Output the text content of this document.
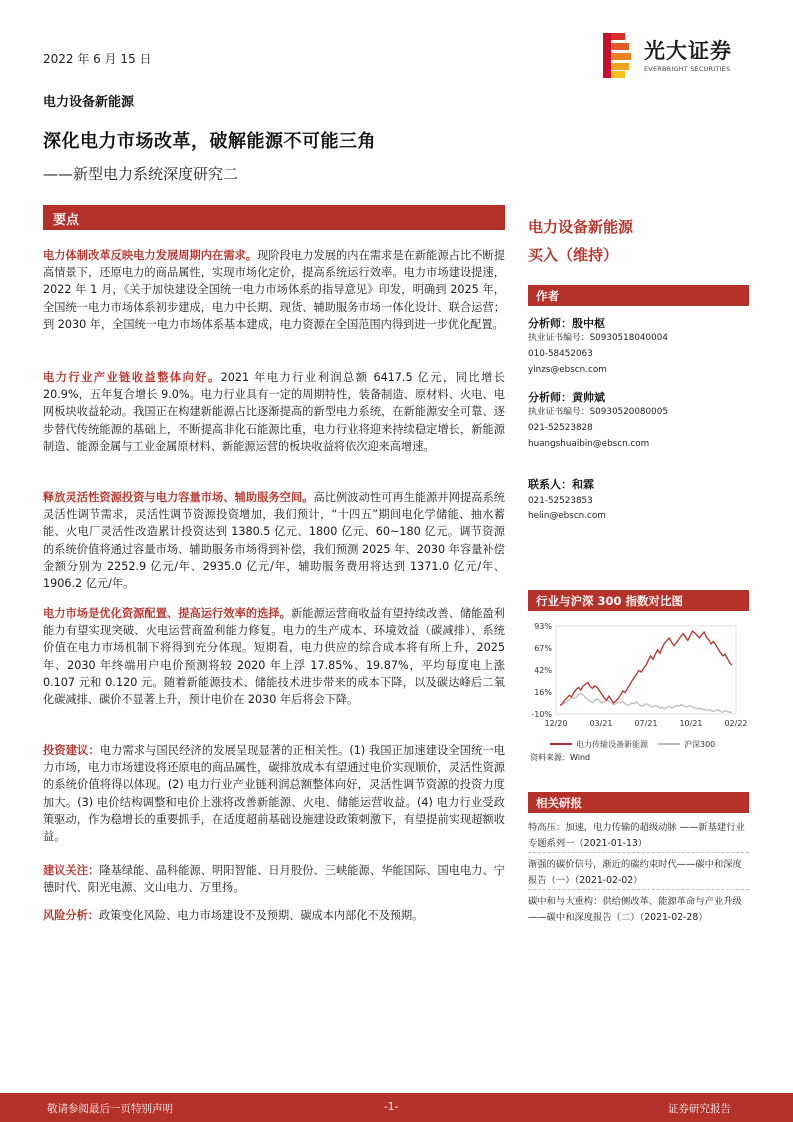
2022 年 6 月 15 日
电力设备新能源
深化电力市场改革，破解能源不可能三角
——新型电力系统深度研究二
光大证券
EVERBRIGHT SECURITIES
要点

电力体制改革反映电力发展周期内在需求。现阶段电力发展的内在需求是在新能源占比不断提高情景下，还原电力的商品属性，实现市场化定价，提高系统运行效率。电力市场建设提速，2022 年 1 月，《关于加快建设全国统一电力市场体系的指导意见》印发，明确到 2025 年，全国统一电力市场体系初步建成，电力中长期、现货、辅助服务市场一体化设计、联合运营；到 2030 年，全国统一电力市场体系基本建成，电力资源在全国范围内得到进一步优化配置。

电力行业产业链收益整体向好。2021 年电力行业利润总额 6417.5 亿元，同比增长 20.9%，五年复合增长 9.0%。电力行业具有一定的周期特性，装备制造、原材料、火电、电网板块收益轮动。我国正在构建新能源占比逐渐提高的新型电力系统，在新能源安全可靠、逐步替代传统能源的基础上，不断提高非化石能源比重，电力行业将迎来持续稳定增长，新能源制造、能源金属与工业金属原材料、新能源运营的板块收益将依次迎来高增速。

释放灵活性资源投资与电力容量市场、辅助服务空间。高比例波动性可再生能源并网提高系统灵活性调节需求，灵活性调节资源投资增加，我们预计，“十四五”期间电化学储能、抽水蓄能、火电厂灵活性改造累计投资达到 1380.5 亿元、1800 亿元、60~180 亿元。调节资源的系统价值将通过容量市场、辅助服务市场得到补偿，我们预测 2025 年、2030 年容量补偿金额分别为 2252.9 亿元/年、2935.0 亿元/年，辅助服务费用将达到 1371.0 亿元/年、1906.2 亿元/年。

电力市场是优化资源配置、提高运行效率的选择。新能源运营商收益有望持续改善、储能盈利能力有望实现突破、火电运营商盈利能力修复。电力的生产成本、环境效益（碳减排）、系统价值在电力市场机制下将得到充分体现。短期看，电力供应的综合成本将有所上升，2025 年、2030 年终端用户电价预测将较 2020 年上浮 17.85%、19.87%，平均每度电上涨 0.107 元和 0.120 元。随着新能源技术、储能技术进步带来的成本下降，以及碳达峰后二氧化碳减排、碳价不显著上升，预计电价在 2030 年后将会下降。

投资建议：电力需求与国民经济的发展呈现显著的正相关性。(1) 我国正加速建设全国统一电力市场，电力市场建设将还原电的商品属性，碳排放成本有望通过电价实现顺价，灵活性资源的系统价值将得以体现。(2) 电力行业产业链利润总额整体向好，灵活性调节资源的投资力度加大。(3) 电价结构调整和电价上涨将改善新能源、火电、储能运营收益。(4) 电力行业受政策驱动，作为稳增长的重要抓手，在适度超前基础设施建设政策刺激下，有望提前实现超额收益。

建议关注：隆基绿能、晶科能源、明阳智能、日月股份、三峡能源、华能国际、国电电力、宁德时代、阳光电源、文山电力、万里扬。

风险分析：政策变化风险、电力市场建设不及预期、碳成本内部化不及预期。

电力设备新能源
买入（维持）
作者
分析师：殷中枢
执业证书编号：S0930518040004
010-58452063
yinzs@ebscn.com
分析师：黄帅斌
执业证书编号：S0930520080005
021-52523828
huangshuaibin@ebscn.com
联系人：和霖
021-52523853
helin@ebscn.com
行业与沪深 300 指数对比图
93%
67%
42%
16%
-10%
12/20	03/21	07/21	10/21	02/22
电力传输设备新能源	沪深300
资料来源：Wind
相关研报
特高压：加速，电力传输的超级动脉 ——新基建行业专题系列一（2021-01-13）
渐强的碳价信号，渐近的碳约束时代——碳中和深度报告（一）（2021-02-02）
碳中和与大重构：供给侧改革、能源革命与产业升级——碳中和深度报告（二）（2021-02-28）
敬请参阅最后一页特别声明	-1-	证券研究报告
